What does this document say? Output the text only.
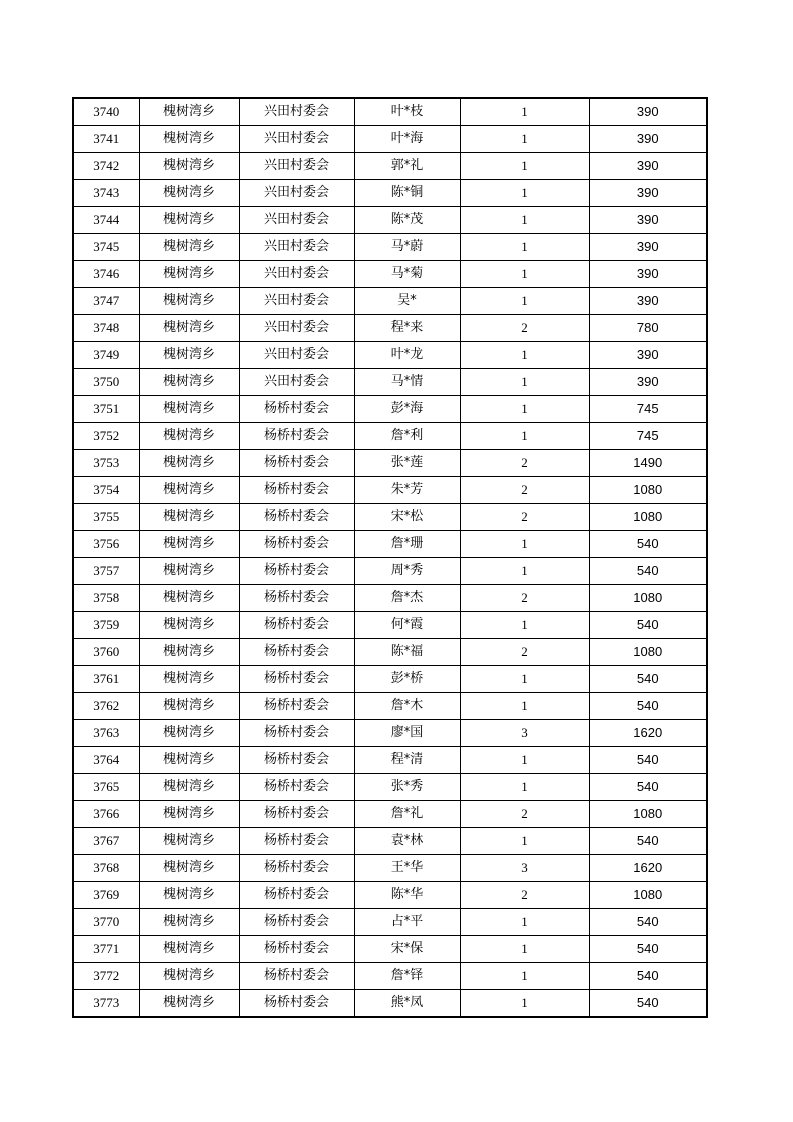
3740	槐树湾乡	兴田村委会	叶*枝	1	390
3741	槐树湾乡	兴田村委会	叶*海	1	390
3742	槐树湾乡	兴田村委会	郭*礼	1	390
3743	槐树湾乡	兴田村委会	陈*铜	1	390
3744	槐树湾乡	兴田村委会	陈*茂	1	390
3745	槐树湾乡	兴田村委会	马*蔚	1	390
3746	槐树湾乡	兴田村委会	马*菊	1	390
3747	槐树湾乡	兴田村委会	吴*	1	390
3748	槐树湾乡	兴田村委会	程*来	2	780
3749	槐树湾乡	兴田村委会	叶*龙	1	390
3750	槐树湾乡	兴田村委会	马*情	1	390
3751	槐树湾乡	杨桥村委会	彭*海	1	745
3752	槐树湾乡	杨桥村委会	詹*利	1	745
3753	槐树湾乡	杨桥村委会	张*莲	2	1490
3754	槐树湾乡	杨桥村委会	朱*芳	2	1080
3755	槐树湾乡	杨桥村委会	宋*松	2	1080
3756	槐树湾乡	杨桥村委会	詹*珊	1	540
3757	槐树湾乡	杨桥村委会	周*秀	1	540
3758	槐树湾乡	杨桥村委会	詹*杰	2	1080
3759	槐树湾乡	杨桥村委会	何*霞	1	540
3760	槐树湾乡	杨桥村委会	陈*福	2	1080
3761	槐树湾乡	杨桥村委会	彭*桥	1	540
3762	槐树湾乡	杨桥村委会	詹*木	1	540
3763	槐树湾乡	杨桥村委会	廖*国	3	1620
3764	槐树湾乡	杨桥村委会	程*清	1	540
3765	槐树湾乡	杨桥村委会	张*秀	1	540
3766	槐树湾乡	杨桥村委会	詹*礼	2	1080
3767	槐树湾乡	杨桥村委会	袁*林	1	540
3768	槐树湾乡	杨桥村委会	王*华	3	1620
3769	槐树湾乡	杨桥村委会	陈*华	2	1080
3770	槐树湾乡	杨桥村委会	占*平	1	540
3771	槐树湾乡	杨桥村委会	宋*保	1	540
3772	槐树湾乡	杨桥村委会	詹*铎	1	540
3773	槐树湾乡	杨桥村委会	熊*凤	1	540
